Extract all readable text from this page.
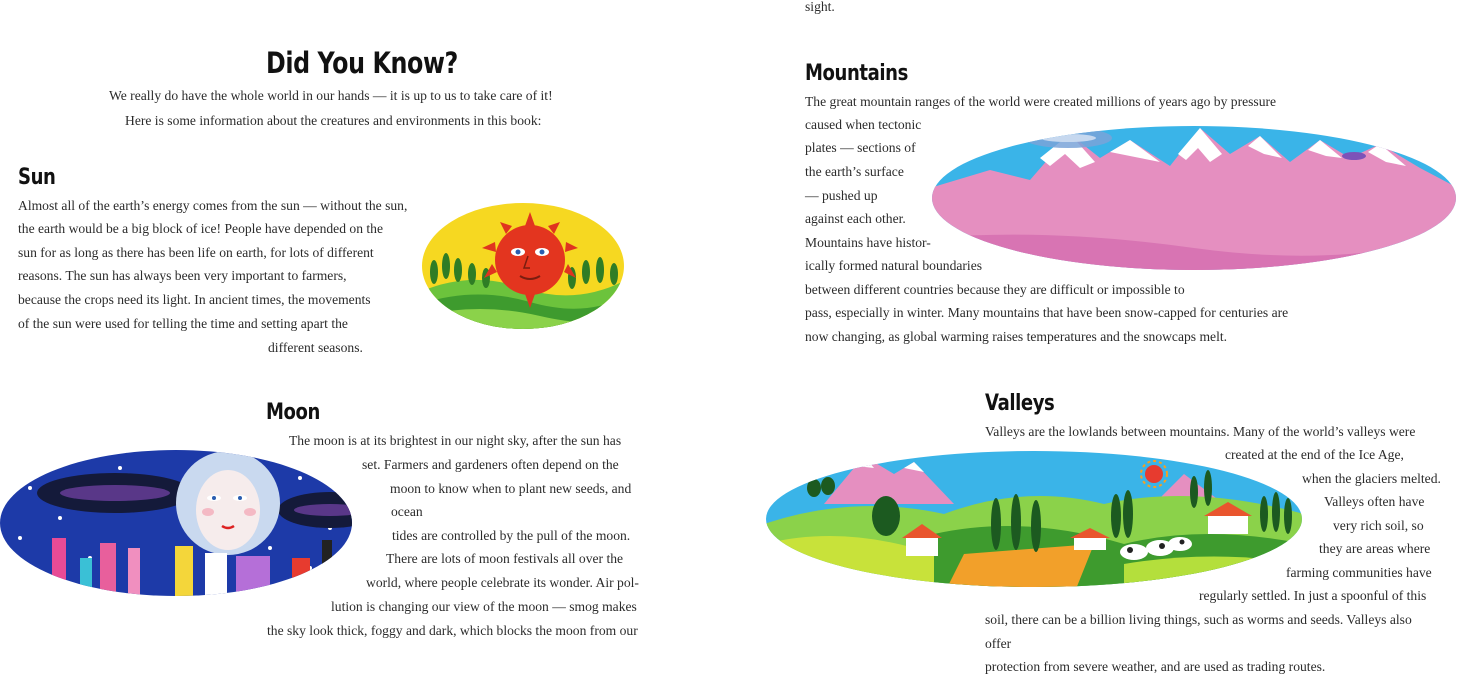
Did You Know?
We really do have the whole world in our hands — it is up to us to take care of it!
Here is some information about the creatures and environments in this book:
Sun
Almost all of the earth’s energy comes from the sun — without the sun,
the earth would be a big block of ice! People have depended on the
sun for as long as there has been life on earth, for lots of different
reasons. The sun has always been very important to farmers,
because the crops need its light. In ancient times, the movements
of the sun were used for telling the time and setting apart the
different seasons.
Moon
The moon is at its brightest in our night sky, after the sun has
set. Farmers and gardeners often depend on the
moon to know when to plant new seeds, and
ocean
tides are controlled by the pull of the moon.
There are lots of moon festivals all over the
world, where people celebrate its wonder. Air pol-
lution is changing our view of the moon — smog makes
the sky look thick, foggy and dark, which blocks the moon from our
sight.
Mountains
The great mountain ranges of the world were created millions of years ago by pressure
caused when tectonic
plates — sections of
the earth’s surface
— pushed up
against each other.
Mountains have histor-
ically formed natural boundaries
between different countries because they are difficult or impossible to
pass, especially in winter. Many mountains that have been snow-capped for centuries are
now changing, as global warming raises temperatures and the snowcaps melt.
Valleys
Valleys are the lowlands between mountains. Many of the world’s valleys were
created at the end of the Ice Age,
when the glaciers melted.
Valleys often have
very rich soil, so
they are areas where
farming communities have
regularly settled. In just a spoonful of this
soil, there can be a billion living things, such as worms and seeds. Valleys also
offer
protection from severe weather, and are used as trading routes.
